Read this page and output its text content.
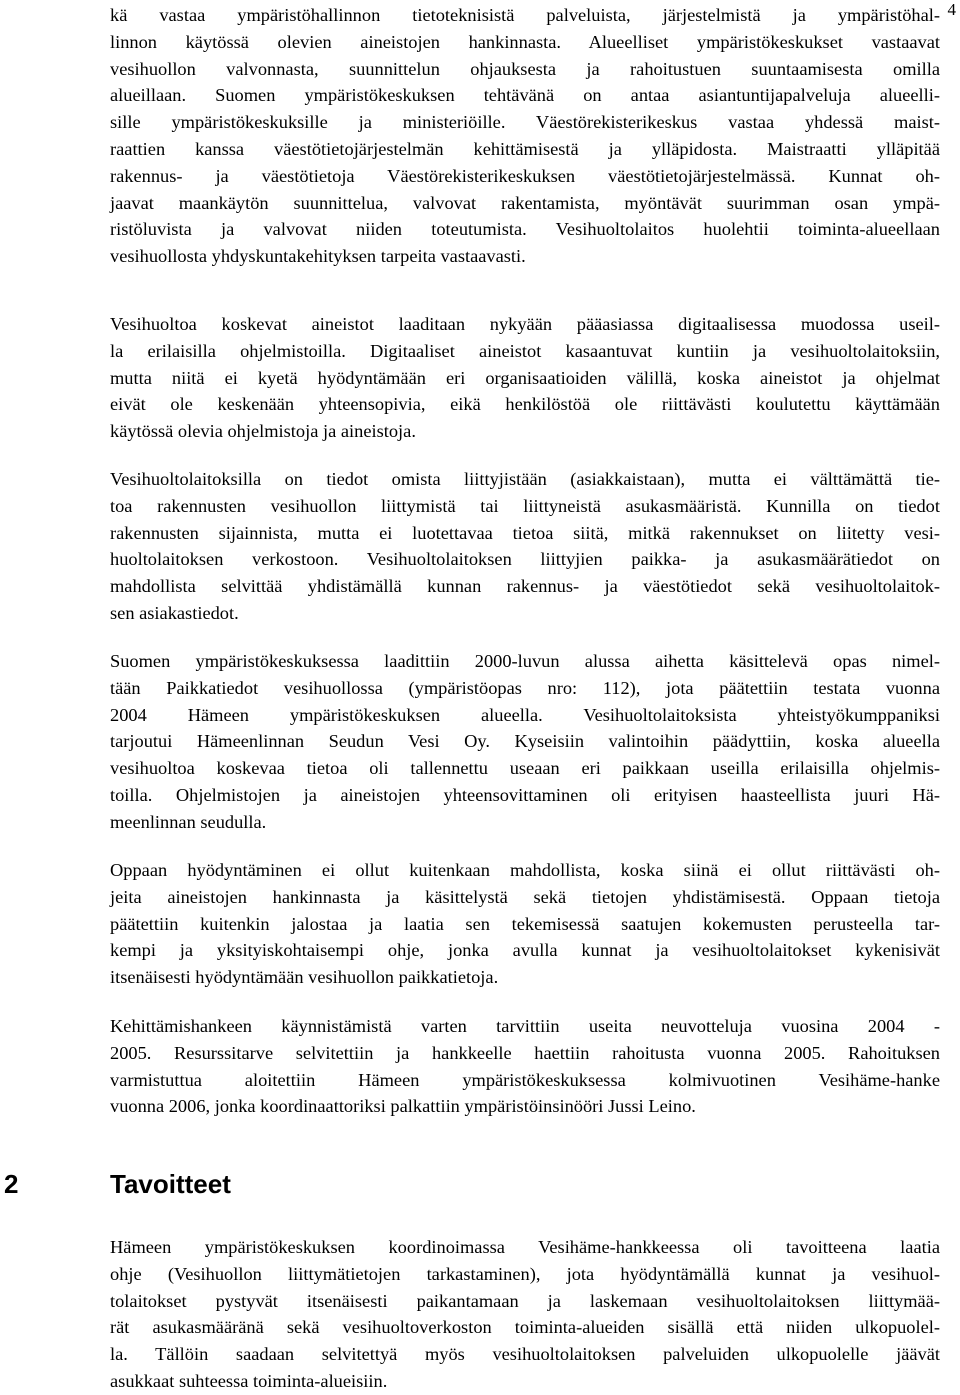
4
kä vastaa ympäristöhallinnon tietoteknisistä palveluista, järjestelmistä ja ympäristöhal-
linnon käytössä olevien aineistojen hankinnasta. Alueelliset ympäristökeskukset vastaavat
vesihuollon valvonnasta, suunnittelun ohjauksesta ja rahoitustuen suuntaamisesta omilla
alueillaan. Suomen ympäristökeskuksen tehtävänä on antaa asiantuntijapalveluja alueelli-
sille ympäristökeskuksille ja ministeriöille. Väestörekisterikeskus vastaa yhdessä maist-
raattien kanssa väestötietojärjestelmän kehittämisestä ja ylläpidosta. Maistraatti ylläpitää
rakennus- ja väestötietoja Väestörekisterikeskuksen väestötietojärjestelmässä. Kunnat oh-
jaavat maankäytön suunnittelua, valvovat rakentamista, myöntävät suurimman osan ympä-
ristöluvista ja valvovat niiden toteutumista. Vesihuoltolaitos huolehtii toiminta-alueellaan
vesihuollosta yhdyskuntakehityksen tarpeita vastaavasti.
Vesihuoltoa koskevat aineistot laaditaan nykyään pääasiassa digitaalisessa muodossa useil-
la erilaisilla ohjelmistoilla. Digitaaliset aineistot kasaantuvat kuntiin ja vesihuoltolaitoksiin,
mutta niitä ei kyetä hyödyntämään eri organisaatioiden välillä, koska aineistot ja ohjelmat
eivät ole keskenään yhteensopivia, eikä henkilöstöä ole riittävästi koulutettu käyttämään
käytössä olevia ohjelmistoja ja aineistoja.
Vesihuoltolaitoksilla on tiedot omista liittyjistään (asiakkaistaan), mutta ei välttämättä tie-
toa rakennusten vesihuollon liittymistä tai liittyneistä asukasmääristä. Kunnilla on tiedot
rakennusten sijainnista, mutta ei luotettavaa tietoa siitä, mitkä rakennukset on liitetty vesi-
huoltolaitoksen verkostoon. Vesihuoltolaitoksen liittyjien paikka- ja asukasmäärätiedot on
mahdollista selvittää yhdistämällä kunnan rakennus- ja väestötiedot sekä vesihuoltolaitok-
sen asiakastiedot.
Suomen ympäristökeskuksessa laadittiin 2000-luvun alussa aihetta käsittelevä opas nimel-
tään Paikkatiedot vesihuollossa (ympäristöopas nro: 112), jota päätettiin testata vuonna
2004 Hämeen ympäristökeskuksen alueella. Vesihuoltolaitoksista yhteistyökumppaniksi
tarjoutui Hämeenlinnan Seudun Vesi Oy. Kyseisiin valintoihin päädyttiin, koska alueella
vesihuoltoa koskevaa tietoa oli tallennettu useaan eri paikkaan useilla erilaisilla ohjelmis-
toilla. Ohjelmistojen ja aineistojen yhteensovittaminen oli erityisen haasteellista juuri Hä-
meenlinnan seudulla.
Oppaan hyödyntäminen ei ollut kuitenkaan mahdollista, koska siinä ei ollut riittävästi oh-
jeita aineistojen hankinnasta ja käsittelystä sekä tietojen yhdistämisestä. Oppaan tietoja
päätettiin kuitenkin jalostaa ja laatia sen tekemisessä saatujen kokemusten perusteella tar-
kempi ja yksityiskohtaisempi ohje, jonka avulla kunnat ja vesihuoltolaitokset kykenisivät
itsenäisesti hyödyntämään vesihuollon paikkatietoja.
Kehittämishankeen käynnistämistä varten tarvittiin useita neuvotteluja vuosina 2004 -
2005. Resurssitarve selvitettiin ja hankkeelle haettiin rahoitusta vuonna 2005. Rahoituksen
varmistuttua aloitettiin Hämeen ympäristökeskuksessa kolmivuotinen Vesihäme-hanke
vuonna 2006, jonka koordinaattoriksi palkattiin ympäristöinsinööri Jussi Leino.
2	Tavoitteet
Hämeen ympäristökeskuksen koordinoimassa Vesihäme-hankkeessa oli tavoitteena laatia
ohje (Vesihuollon liittymätietojen tarkastaminen), jota hyödyntämällä kunnat ja vesihuol-
tolaitokset pystyvät itsenäisesti paikantamaan ja laskemaan vesihuoltolaitoksen liittymää-
rät asukasmääränä sekä vesihuoltoverkoston toiminta-alueiden sisällä että niiden ulkopuolel-
la. Tällöin saadaan selvitettyä myös vesihuoltolaitoksen palveluiden ulkopuolelle jäävät
asukkaat suhteessa toiminta-alueisiin.
